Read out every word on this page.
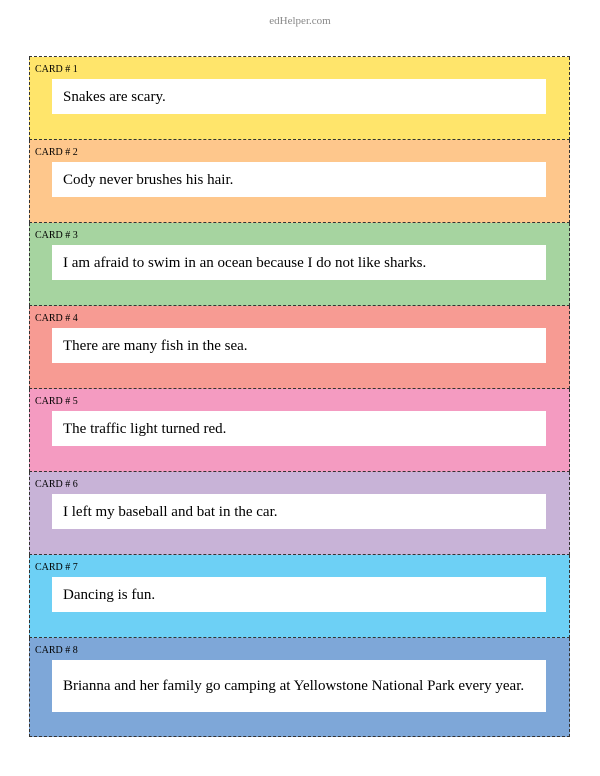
edHelper.com
CARD # 1
Snakes are scary.
CARD # 2
Cody never brushes his hair.
CARD # 3
I am afraid to swim in an ocean because I do not like sharks.
CARD # 4
There are many fish in the sea.
CARD # 5
The traffic light turned red.
CARD # 6
I left my baseball and bat in the car.
CARD # 7
Dancing is fun.
CARD # 8
Brianna and her family go camping at Yellowstone National Park every year.
